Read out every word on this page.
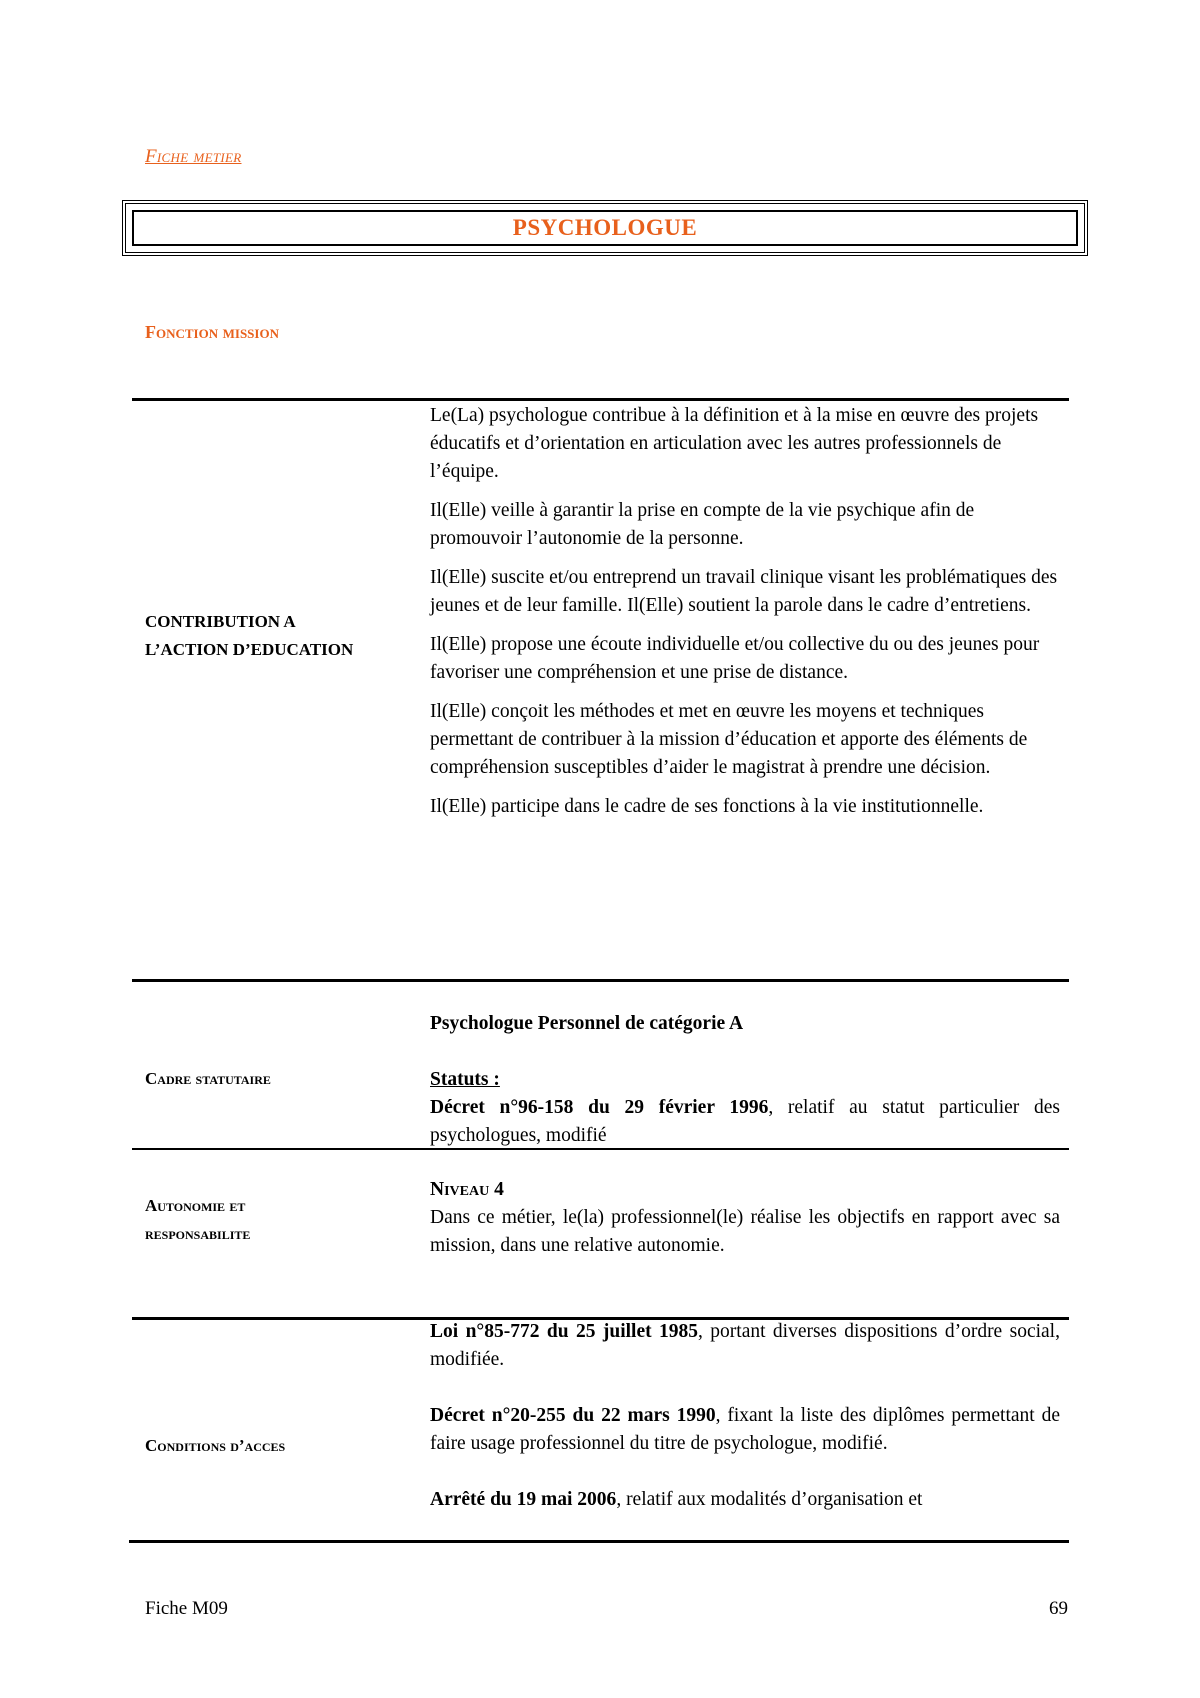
Fiche metier
PSYCHOLOGUE
Fonction mission
CONTRIBUTION A
L’ACTION D’EDUCATION

Le(La) psychologue contribue à la définition et à la mise en œuvre des projets éducatifs et d’orientation en articulation avec les autres professionnels de l’équipe.

Il(Elle) veille à garantir la prise en compte de la vie psychique afin de promouvoir l’autonomie de la personne.

Il(Elle) suscite et/ou entreprend un travail clinique visant les problématiques des jeunes et de leur famille. Il(Elle) soutient la parole dans le cadre d’entretiens.

Il(Elle) propose une écoute individuelle et/ou collective du ou des jeunes pour favoriser une compréhension et une prise de distance.

Il(Elle) conçoit les méthodes et met en œuvre les moyens et techniques permettant de contribuer à la mission d’éducation et apporte des éléments de compréhension susceptibles d’aider le magistrat à prendre une décision.

Il(Elle) participe dans le cadre de ses fonctions à la vie institutionnelle.

Cadre statutaire
Psychologue Personnel de catégorie A
Statuts :
Décret n°96-158 du 29 février 1996, relatif au statut particulier des psychologues, modifié
Autonomie et
responsabilite
Niveau 4
Dans ce métier, le(la) professionnel(le) réalise les objectifs en rapport avec sa mission, dans une relative autonomie.
Conditions d’acces
Loi n°85-772 du 25 juillet 1985, portant diverses dispositions d’ordre social, modifiée.
Décret n°20-255 du 22 mars 1990, fixant la liste des diplômes permettant de faire usage professionnel du titre de psychologue, modifié.
Arrêté du 19 mai 2006, relatif aux modalités d’organisation et
Fiche M09	69
